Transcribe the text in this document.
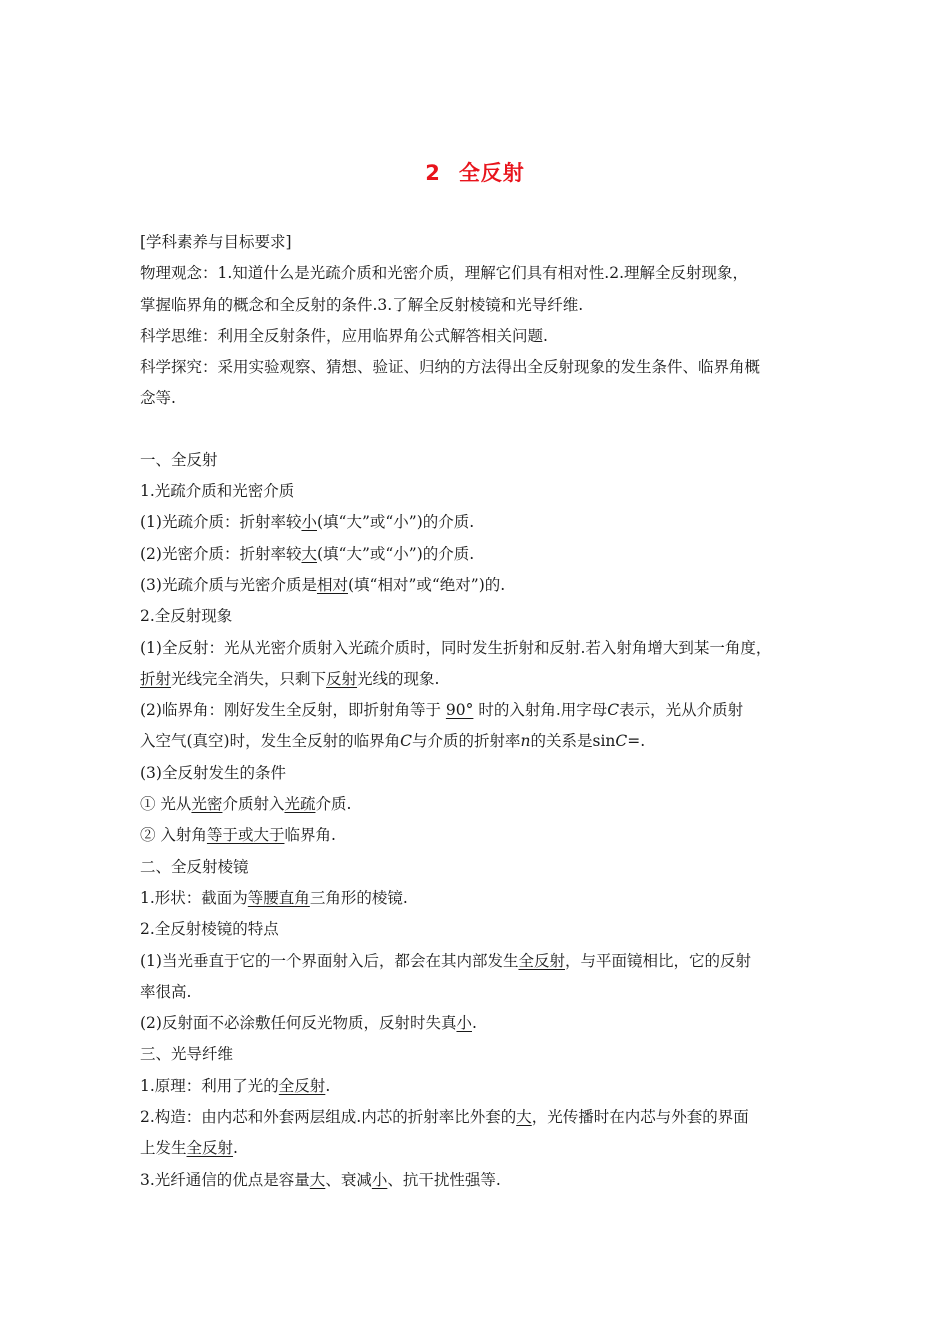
2 全反射
[学科素养与目标要求]
物理观念：1.知道什么是光疏介质和光密介质，理解它们具有相对性.2.理解全反射现象，
掌握临界角的概念和全反射的条件.3.了解全反射棱镜和光导纤维.
科学思维：利用全反射条件，应用临界角公式解答相关问题.
科学探究：采用实验观察、猜想、验证、归纳的方法得出全反射现象的发生条件、临界角概
念等.
一、全反射
1.光疏介质和光密介质
(1)光疏介质：折射率较小(填“大”或“小”)的介质.
(2)光密介质：折射率较大(填“大”或“小”)的介质.
(3)光疏介质与光密介质是相对(填“相对”或“绝对”)的.
2.全反射现象
(1)全反射：光从光密介质射入光疏介质时，同时发生折射和反射.若入射角增大到某一角度，
折射光线完全消失，只剩下反射光线的现象.
(2)临界角：刚好发生全反射，即折射角等于 90° 时的入射角.用字母C表示，光从介质射
入空气(真空)时，发生全反射的临界角C与介质的折射率n的关系是sinC=.
(3)全反射发生的条件
① 光从光密介质射入光疏介质.
② 入射角等于或大于临界角.
二、全反射棱镜
1.形状：截面为等腰直角三角形的棱镜.
2.全反射棱镜的特点
(1)当光垂直于它的一个界面射入后，都会在其内部发生全反射，与平面镜相比，它的反射
率很高.
(2)反射面不必涂敷任何反光物质，反射时失真小.
三、光导纤维
1.原理：利用了光的全反射.
2.构造：由内芯和外套两层组成.内芯的折射率比外套的大，光传播时在内芯与外套的界面
上发生全反射.
3.光纤通信的优点是容量大、衰减小、抗干扰性强等.
